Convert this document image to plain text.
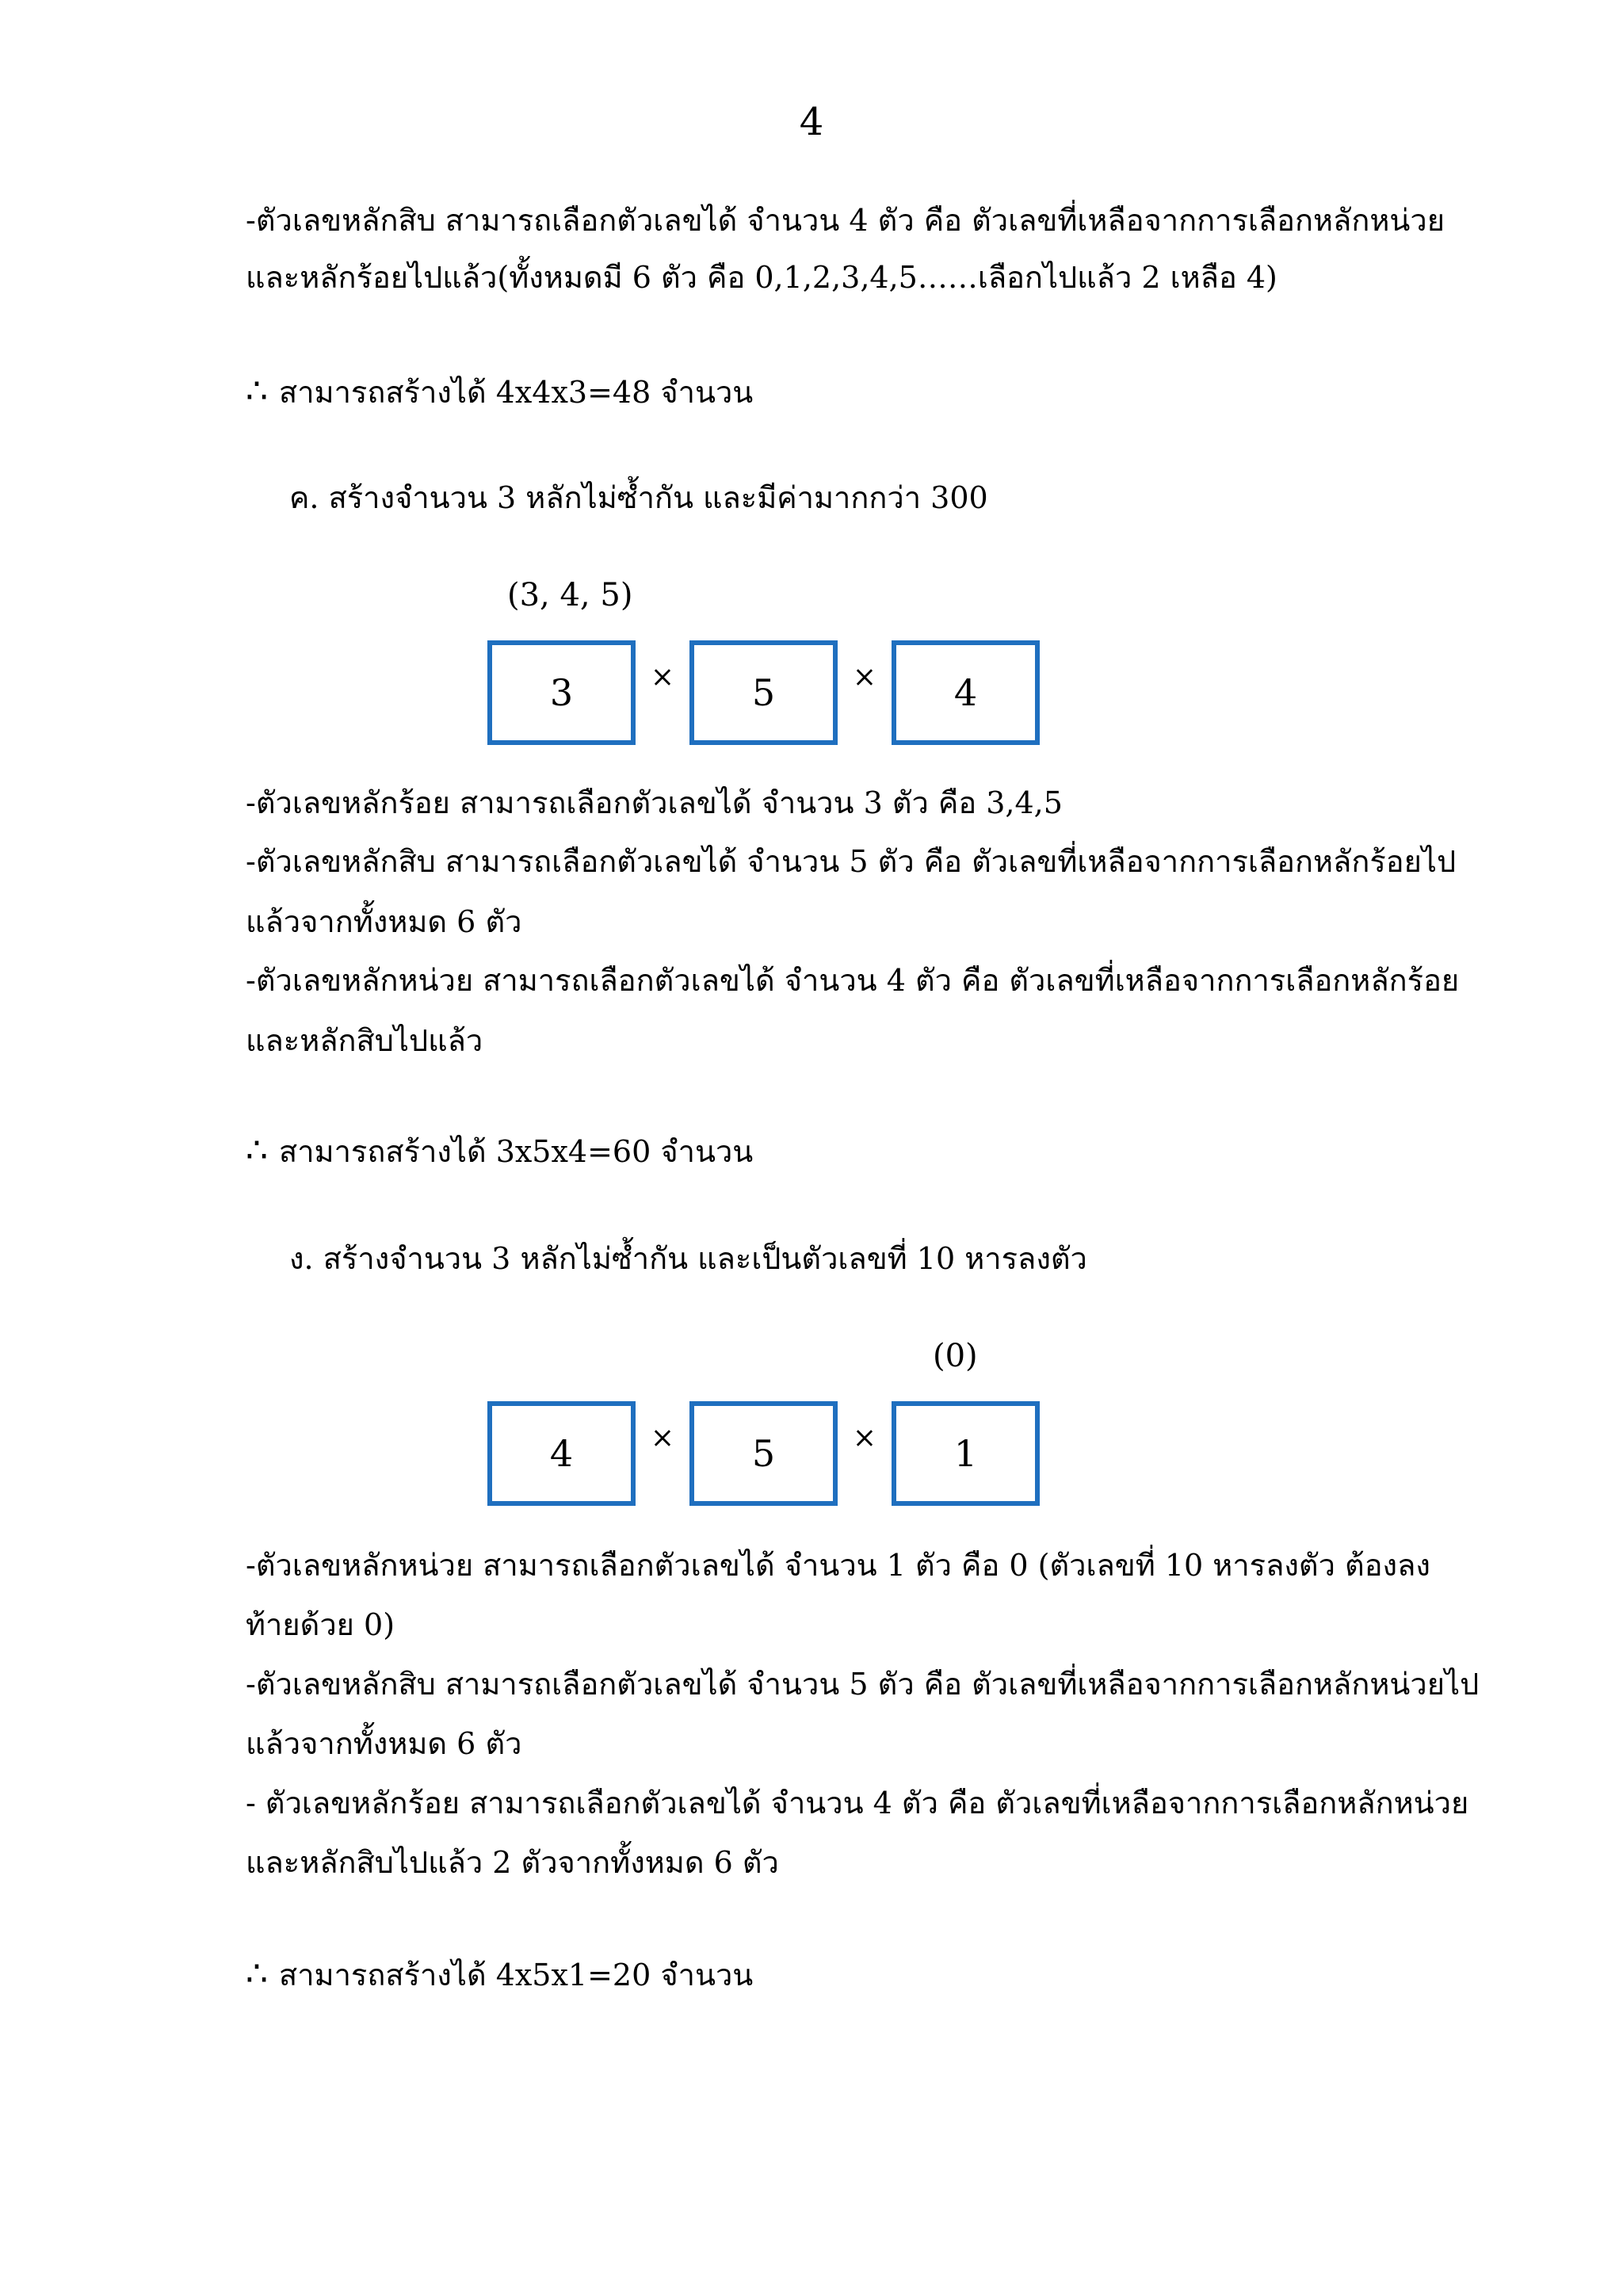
4
-ตัวเลขหลักสิบ สามารถเลือกตัวเลขได้ จำนวน 4 ตัว คือ ตัวเลขที่เหลือจากการเลือกหลักหน่วย
และหลักร้อยไปแล้ว(ทั้งหมดมี 6 ตัว คือ 0,1,2,3,4,5……เลือกไปแล้ว 2 เหลือ 4)
∴ สามารถสร้างได้ 4x4x3=48 จำนวน
ค. สร้างจำนวน 3 หลักไม่ซ้ำกัน และมีค่ามากกว่า 300
(3, 4, 5)
3	×	5	×	4
-ตัวเลขหลักร้อย สามารถเลือกตัวเลขได้ จำนวน 3 ตัว คือ 3,4,5
-ตัวเลขหลักสิบ สามารถเลือกตัวเลขได้ จำนวน 5 ตัว คือ ตัวเลขที่เหลือจากการเลือกหลักร้อยไป
แล้วจากทั้งหมด 6 ตัว
-ตัวเลขหลักหน่วย สามารถเลือกตัวเลขได้ จำนวน 4 ตัว คือ ตัวเลขที่เหลือจากการเลือกหลักร้อย
และหลักสิบไปแล้ว
∴ สามารถสร้างได้ 3x5x4=60 จำนวน
ง. สร้างจำนวน 3 หลักไม่ซ้ำกัน และเป็นตัวเลขที่ 10 หารลงตัว
(0)
4	×	5	×	1
-ตัวเลขหลักหน่วย สามารถเลือกตัวเลขได้ จำนวน 1 ตัว คือ 0 (ตัวเลขที่ 10 หารลงตัว ต้องลง
ท้ายด้วย 0)
-ตัวเลขหลักสิบ สามารถเลือกตัวเลขได้ จำนวน 5 ตัว คือ ตัวเลขที่เหลือจากการเลือกหลักหน่วยไป
แล้วจากทั้งหมด 6 ตัว
- ตัวเลขหลักร้อย สามารถเลือกตัวเลขได้ จำนวน 4 ตัว คือ ตัวเลขที่เหลือจากการเลือกหลักหน่วย
และหลักสิบไปแล้ว 2 ตัวจากทั้งหมด 6 ตัว
∴ สามารถสร้างได้ 4x5x1=20 จำนวน
